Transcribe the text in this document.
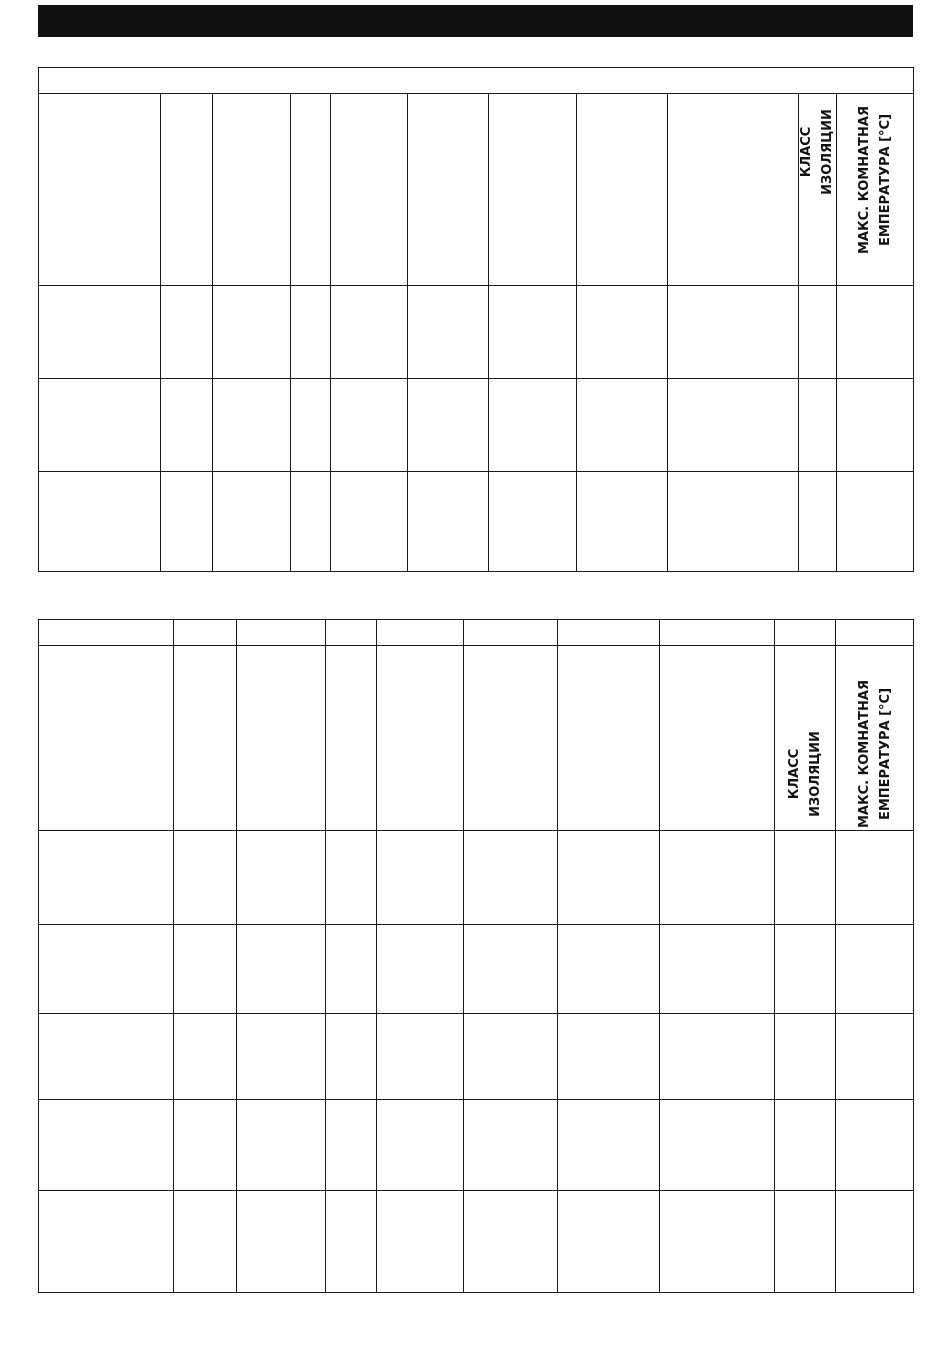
									КЛАСС ИЗОЛЯЦИИ	МАКС. КОМНАТНАЯ ЕМПЕРАТУРА [°C]

								КЛАСС ИЗОЛЯЦИИ	МАКС. КОМНАТНАЯ ЕМПЕРАТУРА [°C]
